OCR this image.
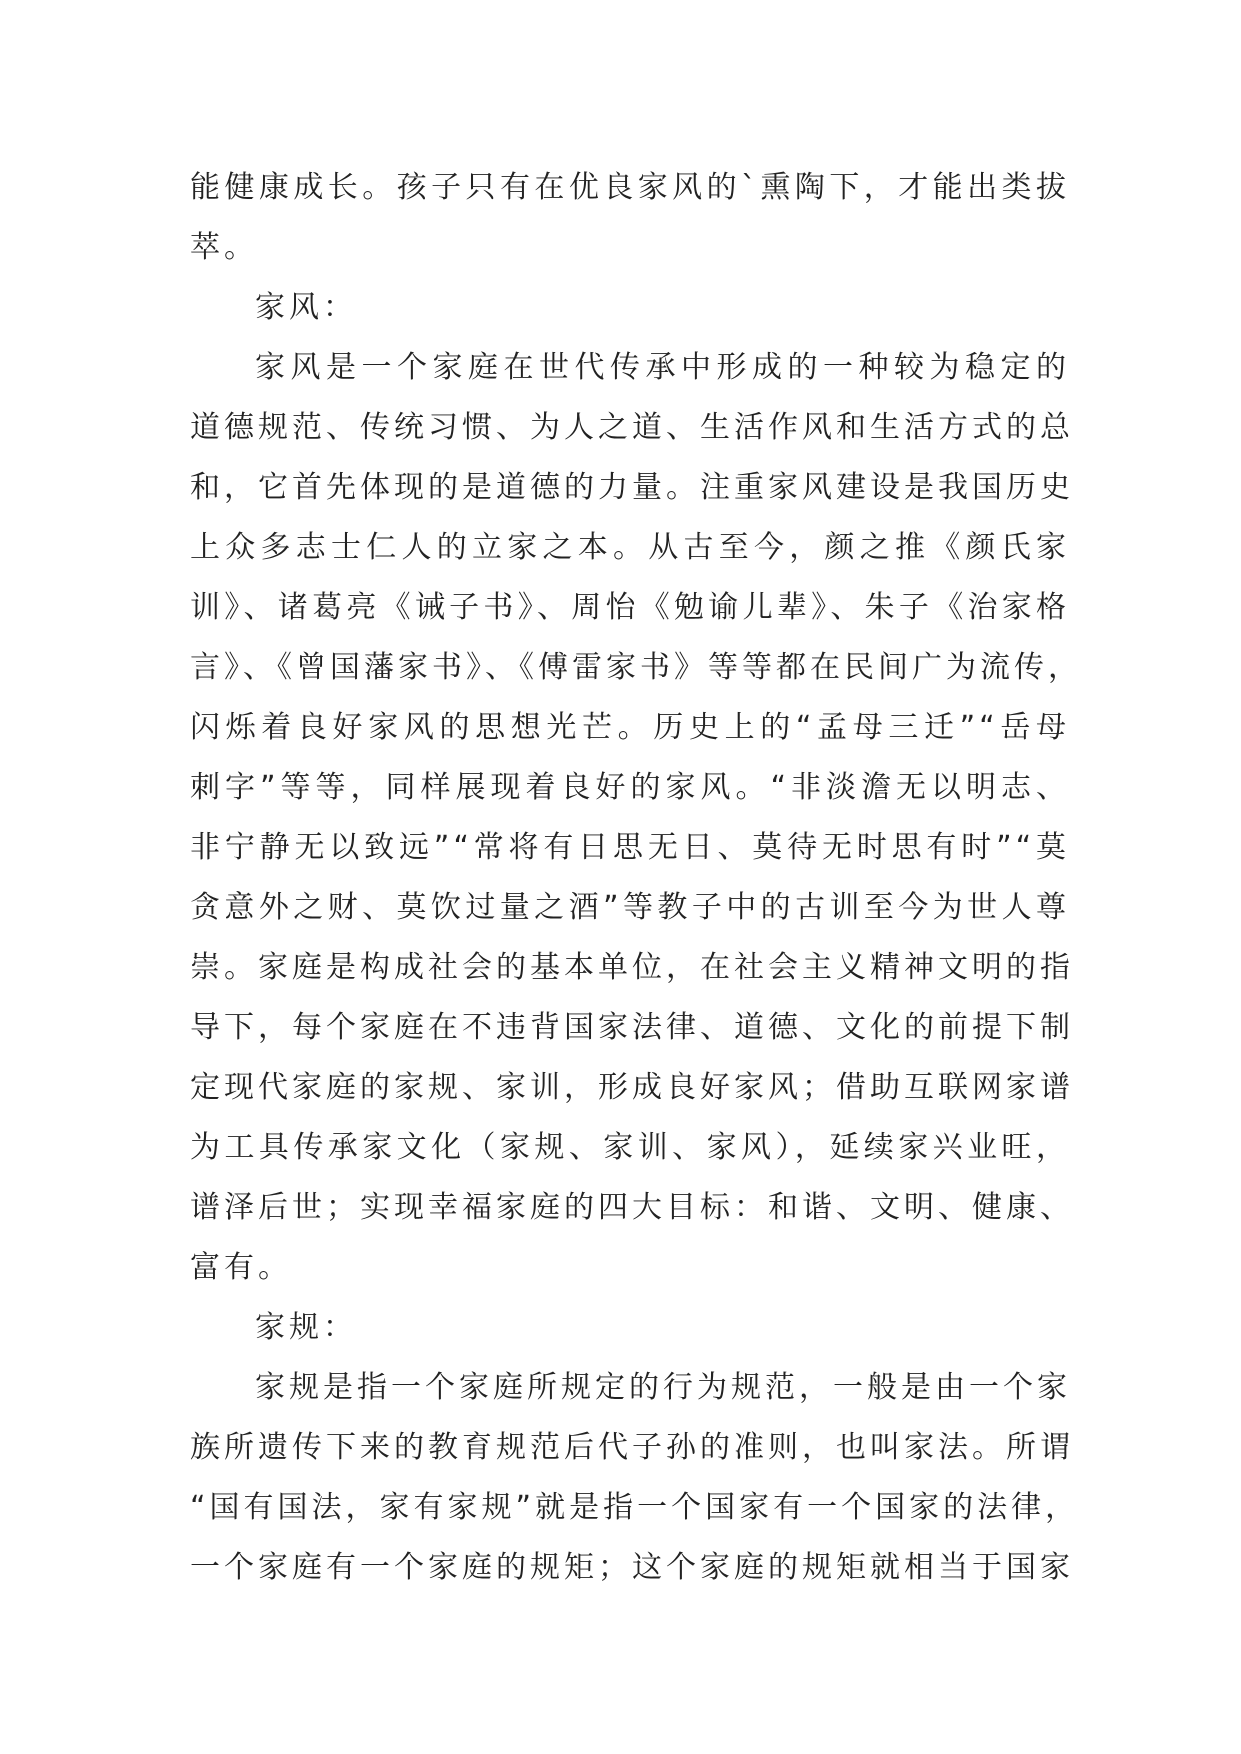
能健康成长。孩子只有在优良家风的`熏陶下，才能出类拔
萃。
家风：
家风是一个家庭在世代传承中形成的一种较为稳定的
道德规范、传统习惯、为人之道、生活作风和生活方式的总
和，它首先体现的是道德的力量。注重家风建设是我国历史
上众多志士仁人的立家之本。从古至今，颜之推《颜氏家
训》、诸葛亮《诫子书》、周怡《勉谕儿辈》、朱子《治家格
言》、《曾国藩家书》、《傅雷家书》等等都在民间广为流传，
闪烁着良好家风的思想光芒。历史上的“孟母三迁”“岳母
刺字”等等，同样展现着良好的家风。“非淡澹无以明志、
非宁静无以致远”“常将有日思无日、莫待无时思有时”“莫
贪意外之财、莫饮过量之酒”等教子中的古训至今为世人尊
崇。家庭是构成社会的基本单位，在社会主义精神文明的指
导下，每个家庭在不违背国家法律、道德、文化的前提下制
定现代家庭的家规、家训，形成良好家风；借助互联网家谱
为工具传承家文化（家规、家训、家风），延续家兴业旺，
谱泽后世；实现幸福家庭的四大目标：和谐、文明、健康、
富有。
家规：
家规是指一个家庭所规定的行为规范，一般是由一个家
族所遗传下来的教育规范后代子孙的准则，也叫家法。所谓
“国有国法，家有家规”就是指一个国家有一个国家的法律，
一个家庭有一个家庭的规矩；这个家庭的规矩就相当于国家
